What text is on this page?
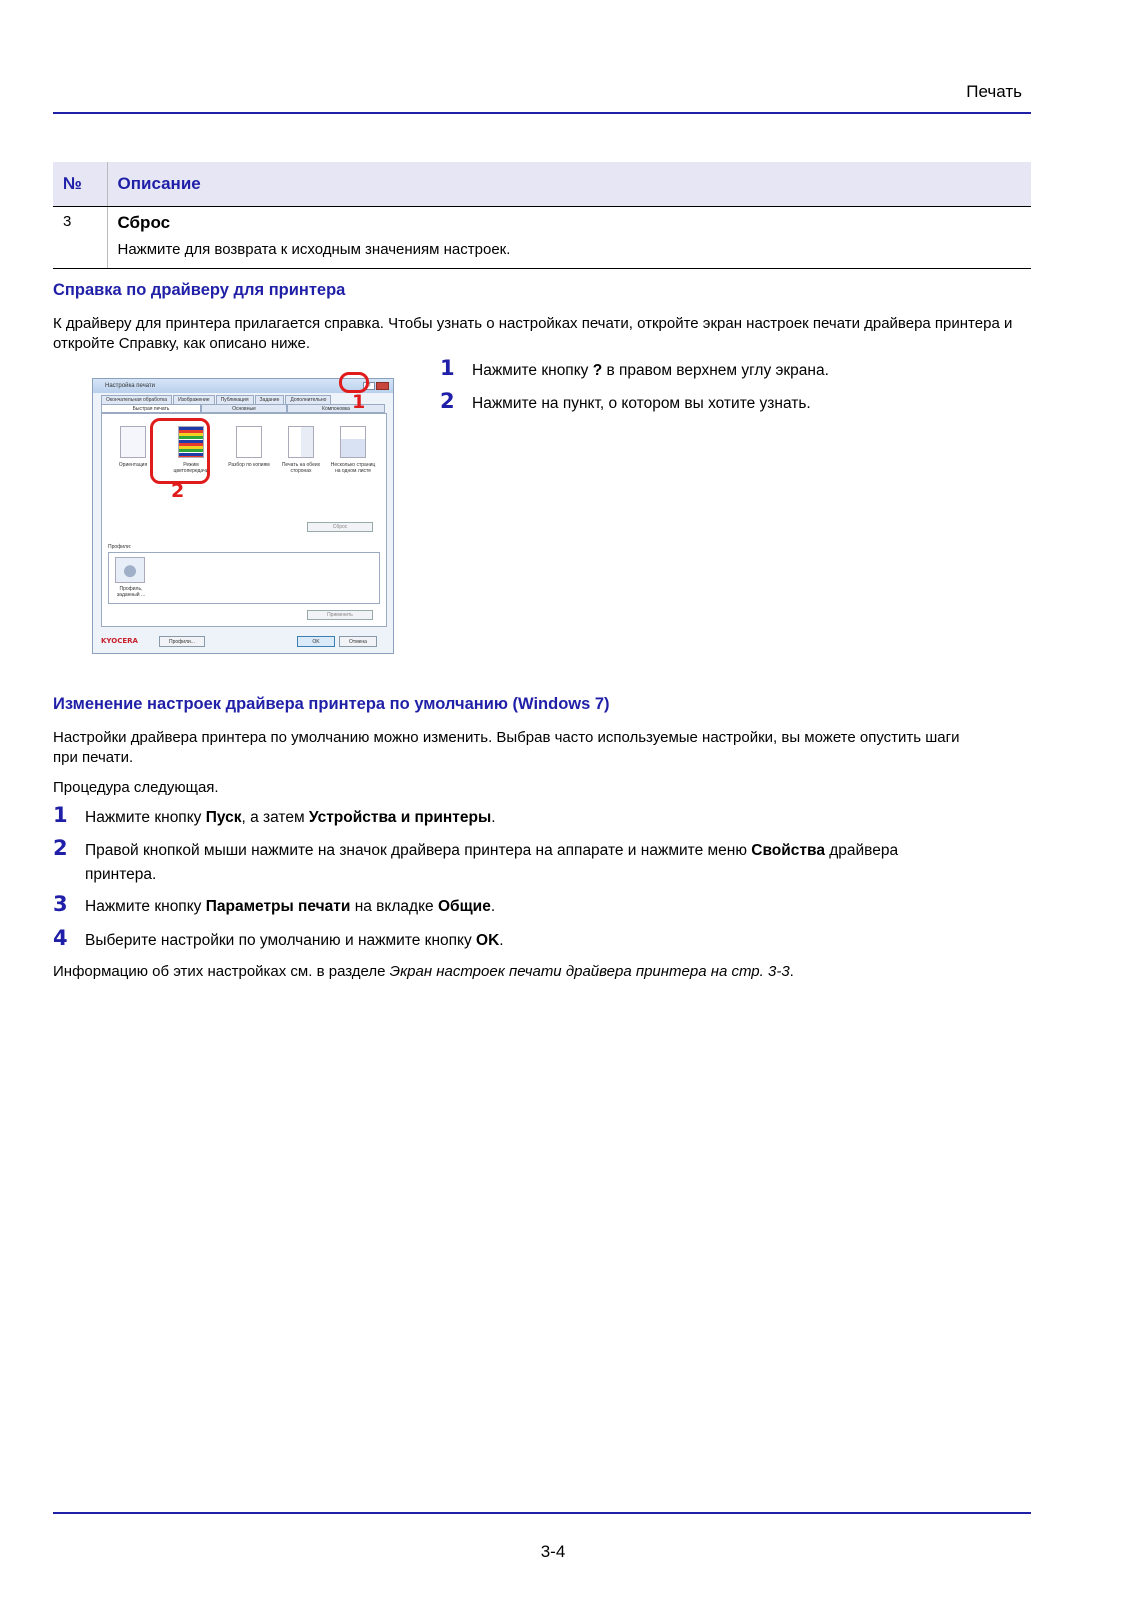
Печать
№	Описание
3	Сброс
Нажмите для возврата к исходным значениям настроек.
Справка по драйверу для принтера
К драйверу для принтера прилагается справка. Чтобы узнать о настройках печати, откройте экран настроек печати драйвера принтера и откройте Справку, как описано ниже.
1 Нажмите кнопку ? в правом верхнем углу экрана.
2 Нажмите на пункт, о котором вы хотите узнать.
Настройка печати	?
Окончательная обработка	Изображение	Публикация	Задание	Дополнительно
Быстрая печать	Основные	Компоновка
Ориентация	Режим цветопередачи
Разбор по копиям	Печать на обеих сторонах
Несколько страниц на одном листе
Сброс
Профили:
Профиль, заданный ...
Применить
KYOCERA	Профили...	OK	Отмена
1
2
Изменение настроек драйвера принтера по умолчанию (Windows 7)
Настройки драйвера принтера по умолчанию можно изменить. Выбрав часто используемые настройки, вы можете опустить шаги при печати.
Процедура следующая.
1 Нажмите кнопку Пуск, а затем Устройства и принтеры.
2 Правой кнопкой мыши нажмите на значок драйвера принтера на аппарате и нажмите меню Свойства драйвера
принтера.
3 Нажмите кнопку Параметры печати на вкладке Общие.
4 Выберите настройки по умолчанию и нажмите кнопку OK.
Информацию об этих настройках см. в разделе Экран настроек печати драйвера принтера на стр. 3-3.
3-4
